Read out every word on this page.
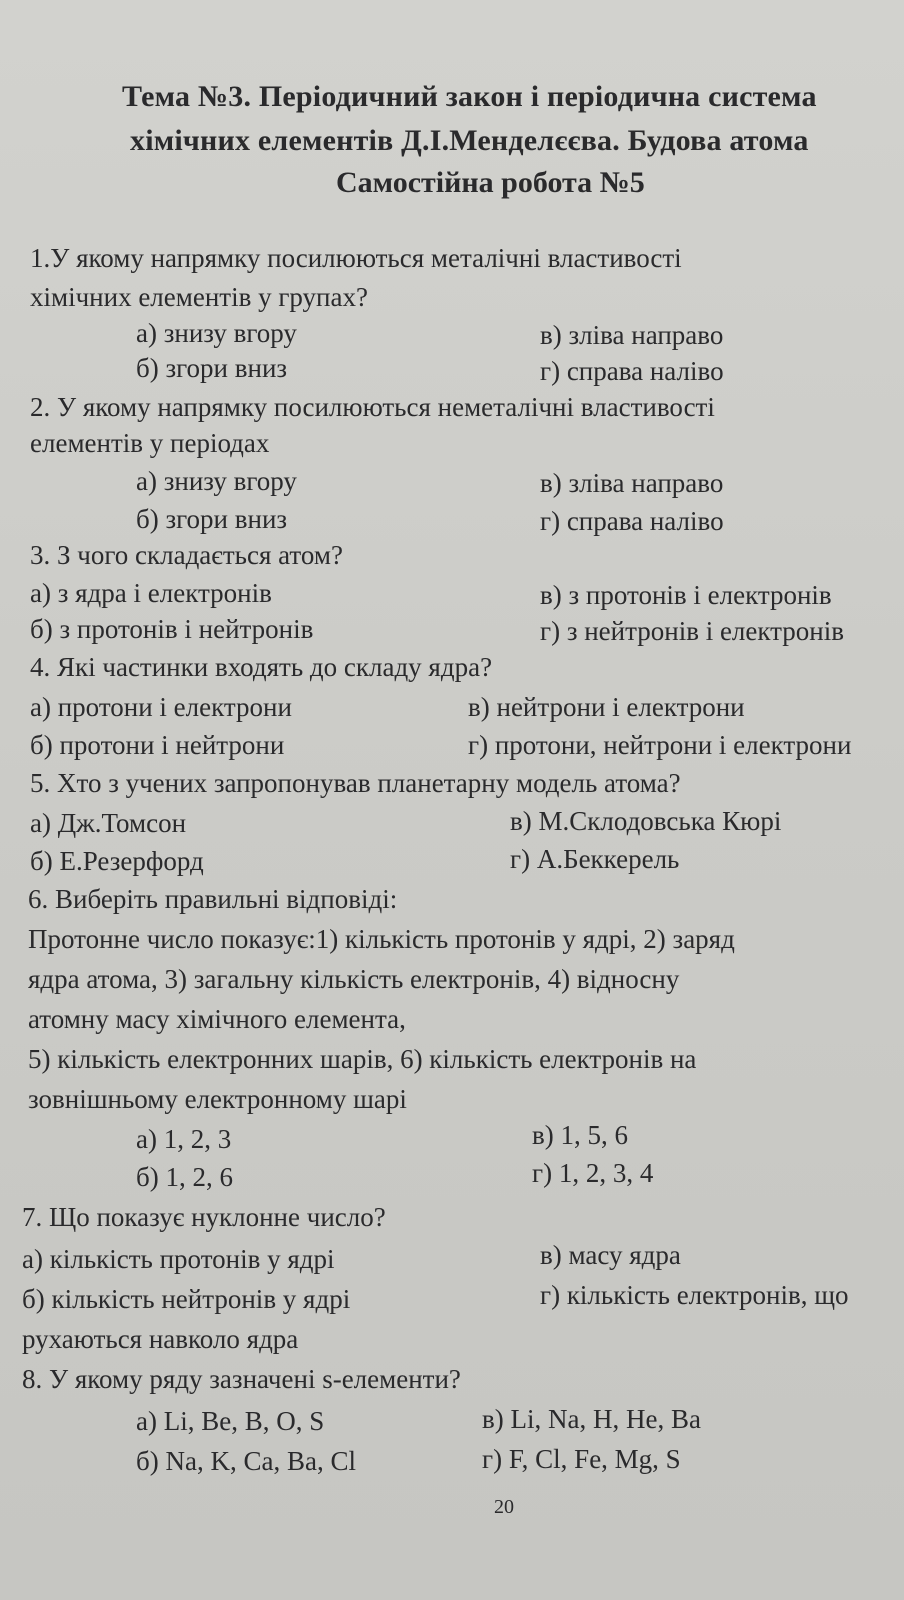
Тема №3. Періодичний закон і періодична система
хімічних елементів Д.І.Менделєєва. Будова атома
Самостійна робота №5
1.У якому напрямку посилюються металічні властивості
хімічних елементів у групах?
а) знизу вгору	в) зліва направо
б) згори вниз	г) справа наліво
2. У якому напрямку посилюються неметалічні властивості
елементів у періодах
а) знизу вгору	в) зліва направо
б) згори вниз	г) справа наліво
3. З чого складається атом?
а) з ядра і електронів	в) з протонів і електронів
б) з протонів і нейтронів	г) з нейтронів і електронів
4. Які частинки входять до складу ядра?
а) протони і електрони	в) нейтрони і електрони
б) протони і нейтрони	г) протони, нейтрони і електрони
5. Хто з учених запропонував планетарну модель атома?
а) Дж.Томсон	в) М.Склодовська Кюрі
б) Е.Резерфорд	г) А.Беккерель
6. Виберіть правильні відповіді:
Протонне число показує:1) кількість протонів у ядрі, 2) заряд
ядра атома, 3) загальну кількість електронів, 4) відносну
атомну масу хімічного елемента,
5) кількість електронних шарів, 6) кількість електронів на
зовнішньому електронному шарі
а) 1, 2, 3	в) 1, 5, 6
б) 1, 2, 6	г) 1, 2, 3, 4
7. Що показує нуклонне число?
а) кількість протонів у ядрі	в) масу ядра
б) кількість нейтронів у ядрі	г) кількість електронів, що
рухаються навколо ядра
8. У якому ряду зазначені s-елементи?
а) Li, Be, B, O, S	в) Li, Na, H, He, Ba
б) Na, K, Ca, Ba, Cl	г) F, Cl, Fe, Mg, S
20
